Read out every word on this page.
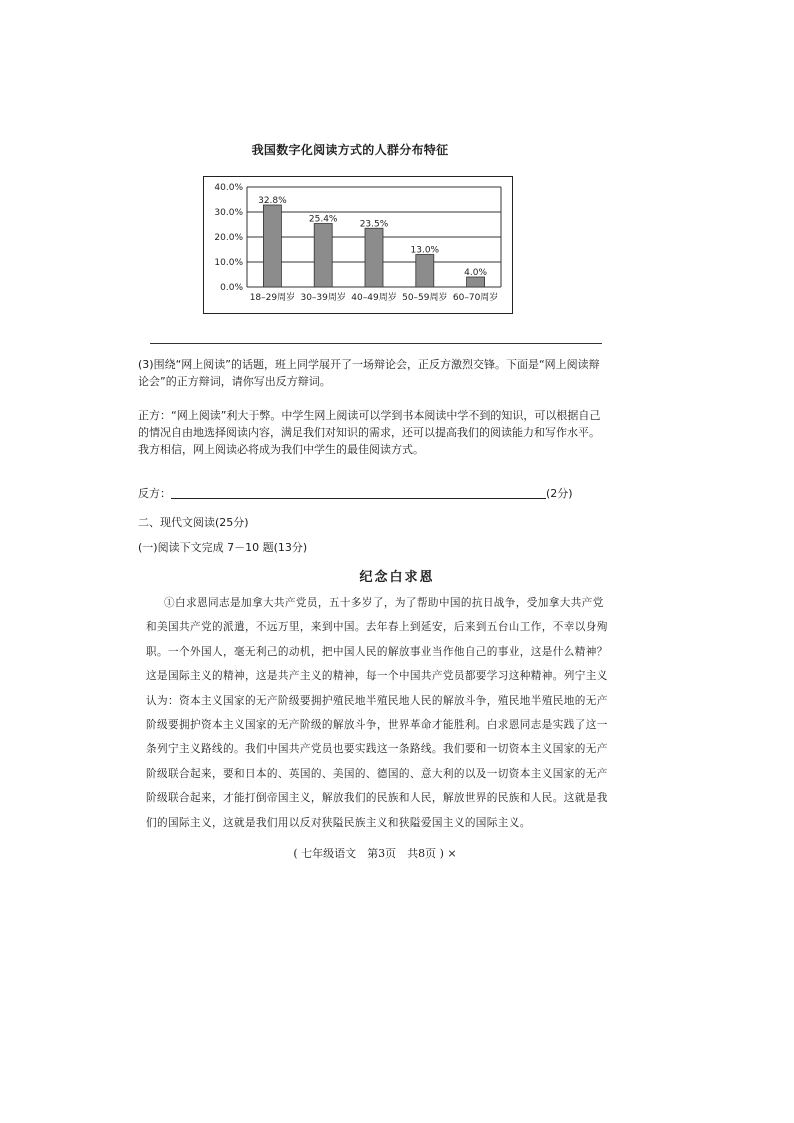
我国数字化阅读方式的人群分布特征
40.0%
30.0%
20.0%
10.0%
0.0%
32.8%
18–29周岁
25.4%
30–39周岁
23.5%
40–49周岁
13.0%
50–59周岁
4.0%
60–70周岁
(3)围绕“网上阅读”的话题，班上同学展开了一场辩论会，正反方激烈交锋。下面是“网上阅读辩论会”的正方辩词，请你写出反方辩词。
正方：“网上阅读”利大于弊。中学生网上阅读可以学到书本阅读中学不到的知识，可以根据自己的情况自由地选择阅读内容，满足我们对知识的需求，还可以提高我们的阅读能力和写作水平。我方相信，网上阅读必将成为我们中学生的最佳阅读方式。
反方：	(2分)
二、现代文阅读(25分)
(一)阅读下文完成 7－10 题(13分)
纪念白求恩

①白求恩同志是加拿大共产党员，五十多岁了，为了帮助中国的抗日战争，受加拿大共产党和美国共产党的派遣，不远万里，来到中国。去年春上到延安，后来到五台山工作，不幸以身殉职。一个外国人，毫无利己的动机，把中国人民的解放事业当作他自己的事业，这是什么精神？这是国际主义的精神，这是共产主义的精神，每一个中国共产党员都要学习这种精神。列宁主义认为：资本主义国家的无产阶级要拥护殖民地半殖民地人民的解放斗争，殖民地半殖民地的无产阶级要拥护资本主义国家的无产阶级的解放斗争，世界革命才能胜利。白求恩同志是实践了这一条列宁主义路线的。我们中国共产党员也要实践这一条路线。我们要和一切资本主义国家的无产阶级联合起来，要和日本的、英国的、美国的、德国的、意大利的以及一切资本主义国家的无产阶级联合起来，才能打倒帝国主义，解放我们的民族和人民，解放世界的民族和人民。这就是我们的国际主义，这就是我们用以反对狭隘民族主义和狭隘爱国主义的国际主义。

( 七年级语文　第3页　共8页 ) ×
